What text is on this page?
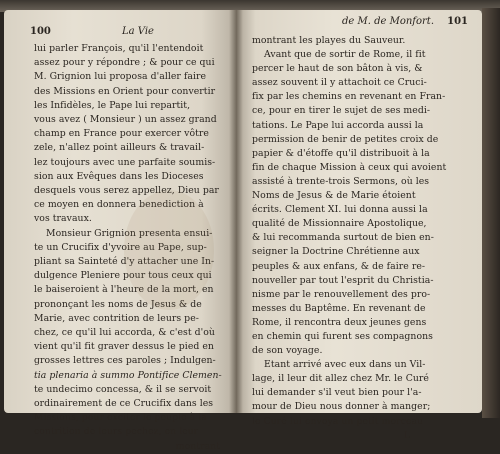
100	La Vie
lui parler François, qu'il l'entendoit
assez pour y répondre ; & pour ce qui
M. Grignion lui proposa d'aller faire
des Missions en Orient pour convertir
les Infidèles, le Pape lui repartit,
vous avez ( Monsieur ) un assez grand
champ en France pour exercer vôtre
zele, n'allez point ailleurs & travail-
lez toujours avec une parfaite soumis-
sion aux Evêques dans les Dioceses
desquels vous serez appellez, Dieu par
ce moyen en donnera benediction à
vos travaux.
Monsieur Grignion presenta ensui-
te un Crucifix d'yvoire au Pape, sup-
pliant sa Sainteté d'y attacher une In-
dulgence Pleniere pour tous ceux qui
le baiseroient à l'heure de la mort, en
prononçant les noms de Jesus & de
Marie, avec contrition de leurs pe-
chez, ce qu'il lui accorda, & c'est d'où
vient qu'il fit graver dessus le pied en
grosses lettres ces paroles ; Indulgen-
tia plenaria à summo Pontifice Clemen-
te undecimo concessa, & il se servoit
ordinairement de ce Crucifix dans les
Missions, pour exciter le peuple à la
contrition de leurs pechez, en leur
montrant
de M. de Monfort. 101
montrant les playes du Sauveur.
Avant que de sortir de Rome, il fit
percer le haut de son bâton à vis, &
assez souvent il y attachoit ce Cruci-
fix par les chemins en revenant en Fran-
ce, pour en tirer le sujet de ses medi-
tations. Le Pape lui accorda aussi la
permission de benir de petites croix de
papier & d'étoffe qu'il distribuoit à la
fin de chaque Mission à ceux qui avoient
assisté à trente-trois Sermons, où les
Noms de Jesus & de Marie étoient
écrits. Clement XI. lui donna aussi la
qualité de Missionnaire Apostolique,
& lui recommanda surtout de bien en-
seigner la Doctrine Chrétienne aux
peuples & aux enfans, & de faire re-
nouveller par tout l'esprit du Christia-
nisme par le renouvellement des pro-
messes du Baptême. En revenant de
Rome, il rencontra deux jeunes gens
en chemin qui furent ses compagnons
de son voyage.
Etant arrivé avec eux dans un Vil-
lage, il leur dit allez chez Mr. le Curé
lui demander s'il veut bien pour l'a-
mour de Dieu nous donner à manger;
le Curé lui envoya un petit morceau
L
